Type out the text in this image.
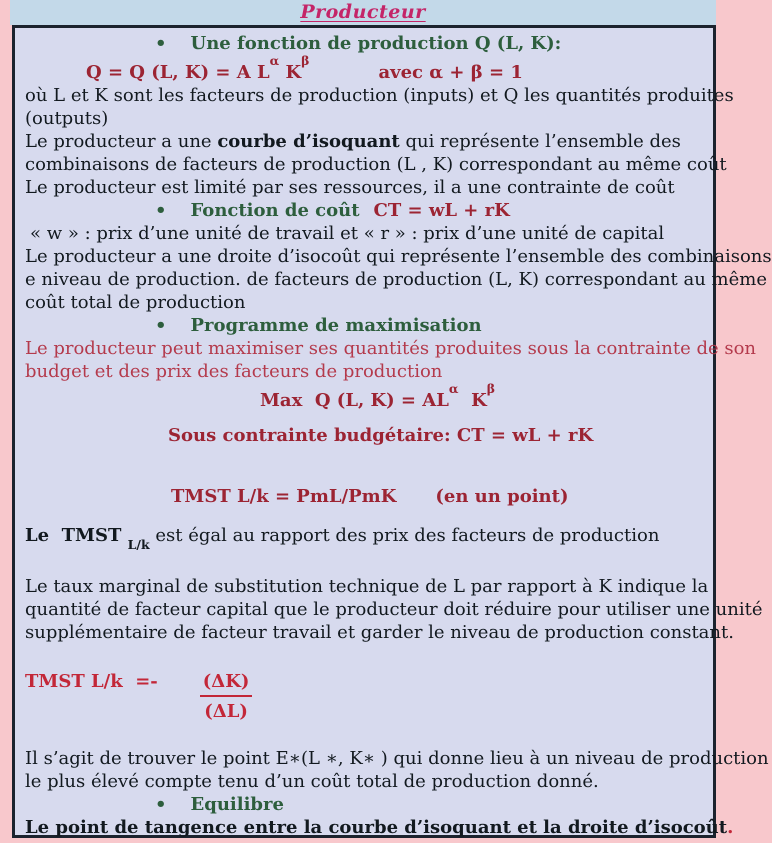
Producteur
• Une fonction de production Q (L, K):
Q = Q (L, K) = A $L^\alpha$ $K^\beta avec$ α + β = 1
où L et K sont les facteurs de production (inputs) et Q les quantités produites
(outputs)
Le producteur a une courbe d’isoquant qui représente l’ensemble des
combinaisons de facteurs de production (L , K) correspondant au même coût
Le producteur est limité par ses ressources, il a une contrainte de coût
• Fonction de coût CT = wL + rK
« w » : prix d’une unité de travail et « r » : prix d’une unité de capital
Le producteur a une droite d’isocoût qui représente l’ensemble des combinaisons
e niveau de production. de facteurs de production (L, K) correspondant au même
coût total de production
• Programme de maximisation
Le producteur peut maximiser ses quantités produites sous la contrainte de son
budget et des prix des facteurs de production
Max  Q (L, $K) = AL^\alpha$  $K^\beta$
Sous contrainte budgétaire: CT = wL + rK
TMST L/k = PmL/PmK (en un point)
Le  TMST $_{L/k}$ est égal au rapport des prix des facteurs de production
Le taux marginal de substitution technique de L par rapport à K indique la
quantité de facteur capital que le producteur doit réduire pour utiliser une unité
supplémentaire de facteur travail et garder le niveau de production constant.
TMST $L/k =- \frac{(\Delta K)}{(\Delta L)}$
Il s’agit de trouver le point E∗(L ∗, K∗ ) qui donne lieu à un niveau de production
le plus élevé compte tenu d’un coût total de production donné.
• Equilibre
Le point de tangence entre la courbe d’isoquant et la droite d’isocoût.
